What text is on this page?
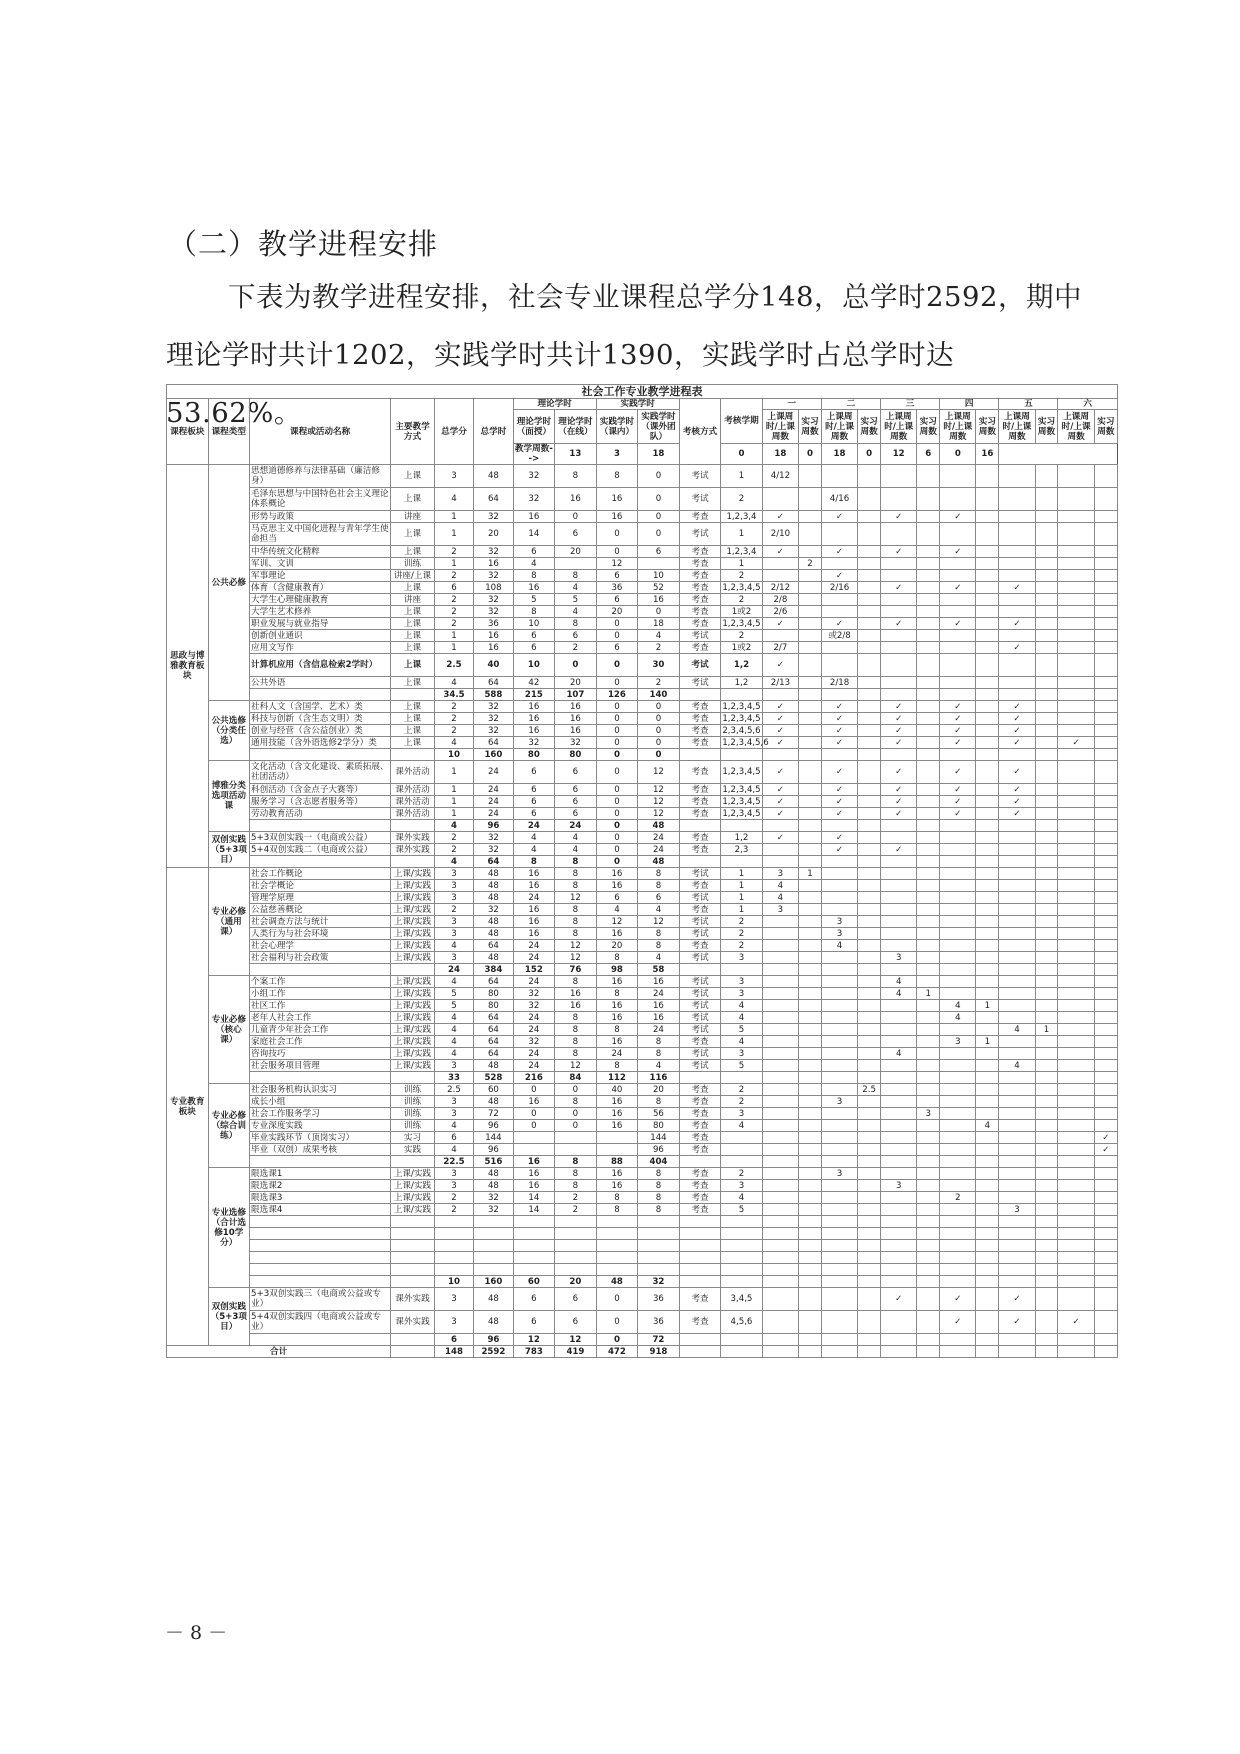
（二）教学进程安排
下表为教学进程安排，社会专业课程总学分148，总学时2592，期中理论学时共计1202，实践学时共计1390，实践学时占总学时达53.62%。
社会工作专业教学进程表																							
课程板块	课程类型	课程或活动名称	主要教学方式	总学分	总学时	理论学时		实践学时		考核方式	考核学期	一		二		三		四		五		六	
						理论学时（面授）	理论学时（在线）	实践学时（课内）	实践学时（课外团队）			上课周时/上课周数	实习周数	上课周时/上课周数	实习周数	上课周时/上课周数	实习周数	上课周时/上课周数	实习周数	上课周时/上课周数	实习周数	上课周时/上课周数	实习周数
						教学周数-->	13	3	18		0	18	0	18	0	12	6	0	16				
思政与博雅教育板块	公共必修	思想道德修养与法律基础（廉洁修身）	上课	3	48	32	8	8	0	考试	1	4/12											
		毛泽东思想与中国特色社会主义理论体系概论	上课	4	64	32	16	16	0	考试	2			4/16									
		形势与政策	讲座	1	32	16	0	16	0	考查	1,2,3,4	✓		✓		✓		✓					
		马克思主义中国化进程与青年学生使命担当	上课	1	20	14	6	0	0	考试	1	2/10											
		中华传统文化精粹	上课	2	32	6	20	0	6	考查	1,2,3,4	✓		✓		✓		✓					
		军训、文训	训练	1	16	4		12		考查	1		2										
		军事理论	讲座/上课	2	32	8	8	6	10	考查	2			✓									
		体育（含健康教育）	上课	6	108	16	4	36	52	考查	1,2,3,4,5	2/12		2/16		✓		✓		✓			
		大学生心理健康教育	讲座	2	32	5	5	6	16	考查	2	2/8											
		大学生艺术修养	上课	2	32	8	4	20	0	考查	1或2	2/6											
		职业发展与就业指导	上课	2	36	10	8	0	18	考查	1,2,3,4,5	✓		✓		✓		✓		✓			
		创新创业通识	上课	1	16	6	6	0	4	考试	2			或2/8									
		应用文写作	上课	1	16	6	2	6	2	考查	1或2	2/7								✓			
		计算机应用（含信息检索2学时）	上课	2.5	40	10	0	0	30	考试	1,2	✓											
		公共外语	上课	4	64	42	20	0	2	考试	1,2	2/13		2/18									
				34.5	588	215	107	126	140														
	公共选修（分类任选）	社科人文（含国学、艺术）类	上课	2	32	16	16	0	0	考查	1,2,3,4,5	✓		✓		✓		✓		✓			
		科技与创新（含生态文明）类	上课	2	32	16	16	0	0	考查	1,2,3,4,5	✓		✓		✓		✓		✓			
		创业与经营（含公益创业）类	上课	2	32	16	16	0	0	考查	2,3,4,5,6	✓		✓		✓		✓		✓			
		通用技能（含外语选修2学分）类	上课	4	64	32	32	0	0	考查	1,2,3,4,5,6	✓		✓		✓		✓		✓		✓	
				10	160	80	80	0	0														
	博雅分类选项活动课	文化活动（含文化建设、素质拓展、社团活动）	课外活动	1	24	6	6	0	12	考查	1,2,3,4,5	✓		✓		✓		✓		✓			
		科创活动（含金点子大赛等）	课外活动	1	24	6	6	0	12	考查	1,2,3,4,5	✓		✓		✓		✓		✓			
		服务学习（含志愿者服务等）	课外活动	1	24	6	6	0	12	考查	1,2,3,4,5	✓		✓		✓		✓		✓			
		劳动教育活动	课外活动	1	24	6	6	0	12	考查	1,2,3,4,5	✓		✓		✓		✓		✓			
				4	96	24	24	0	48														
	双创实践（5+3项目）	5+3双创实践一（电商或公益）	课外实践	2	32	4	4	0	24	考查	1,2	✓		✓									
		5+4双创实践二（电商或公益）	课外实践	2	32	4	4	0	24	考查	2,3			✓		✓							
				4	64	8	8	0	48														
专业教育板块	专业必修（通用课）	社会工作概论	上课/实践	3	48	16	8	16	8	考试	1	3	1										
		社会学概论	上课/实践	3	48	16	8	16	8	考查	1	4											
		管理学原理	上课/实践	3	48	24	12	6	6	考试	1	4											
		公益慈善概论	上课/实践	2	32	16	8	4	4	考查	1	3											
		社会调查方法与统计	上课/实践	3	48	16	8	12	12	考试	2			3									
		人类行为与社会环境	上课/实践	3	48	16	8	16	8	考试	2			3									
		社会心理学	上课/实践	4	64	24	12	20	8	考查	2			4									
		社会福利与社会政策	上课/实践	3	48	24	12	8	4	考试	3					3							
				24	384	152	76	98	58														
	专业必修（核心课）	个案工作	上课/实践	4	64	24	8	16	16	考试	3					4							
		小组工作	上课/实践	5	80	32	16	8	24	考试	3					4	1						
		社区工作	上课/实践	5	80	32	16	16	16	考试	4							4	1				
		老年人社会工作	上课/实践	4	64	24	8	16	16	考试	4							4					
		儿童青少年社会工作	上课/实践	4	64	24	8	8	24	考试	5									4	1		
		家庭社会工作	上课/实践	4	64	32	8	16	8	考查	4							3	1				
		咨询技巧	上课/实践	4	64	24	8	24	8	考试	3					4							
		社会服务项目管理	上课/实践	3	48	24	12	8	4	考试	5									4			
				33	528	216	84	112	116														
	专业必修（综合训练）	社会服务机构认识实习	训练	2.5	60	0	0	40	20	考查	2				2.5								
		成长小组	训练	3	48	16	8	16	8	考查	2			3									
		社会工作服务学习	训练	3	72	0	0	16	56	考查	3						3						
		专业深度实践	训练	4	96	0	0	16	80	考查	4								4				
		毕业实践环节（顶岗实习）	实习	6	144				144	考查													✓
		毕业（双创）成果考核	实践	4	96				96	考查													✓
				22.5	516	16	8	88	404														
	专业选修（合计选修10学分）	限选课1	上课/实践	3	48	16	8	16	8	考查	2			3									
		限选课2	上课/实践	3	48	16	8	16	8	考查	3					3							
		限选课3	上课/实践	2	32	14	2	8	8	考查	4							2					
		限选课4	上课/实践	2	32	14	2	8	8	考查	5									3			

				10	160	60	20	48	32														
	双创实践（5+3项目）	5+3双创实践三（电商或公益或专业）	课外实践	3	48	6	6	0	36	考查	3,4,5					✓		✓		✓			
		5+4双创实践四（电商或公益或专业）	课外实践	3	48	6	6	0	36	考查	4,5,6							✓		✓		✓	
				6	96	12	12	0	72														
合计				148	2592	783	419	472	918														
－ 8 －
